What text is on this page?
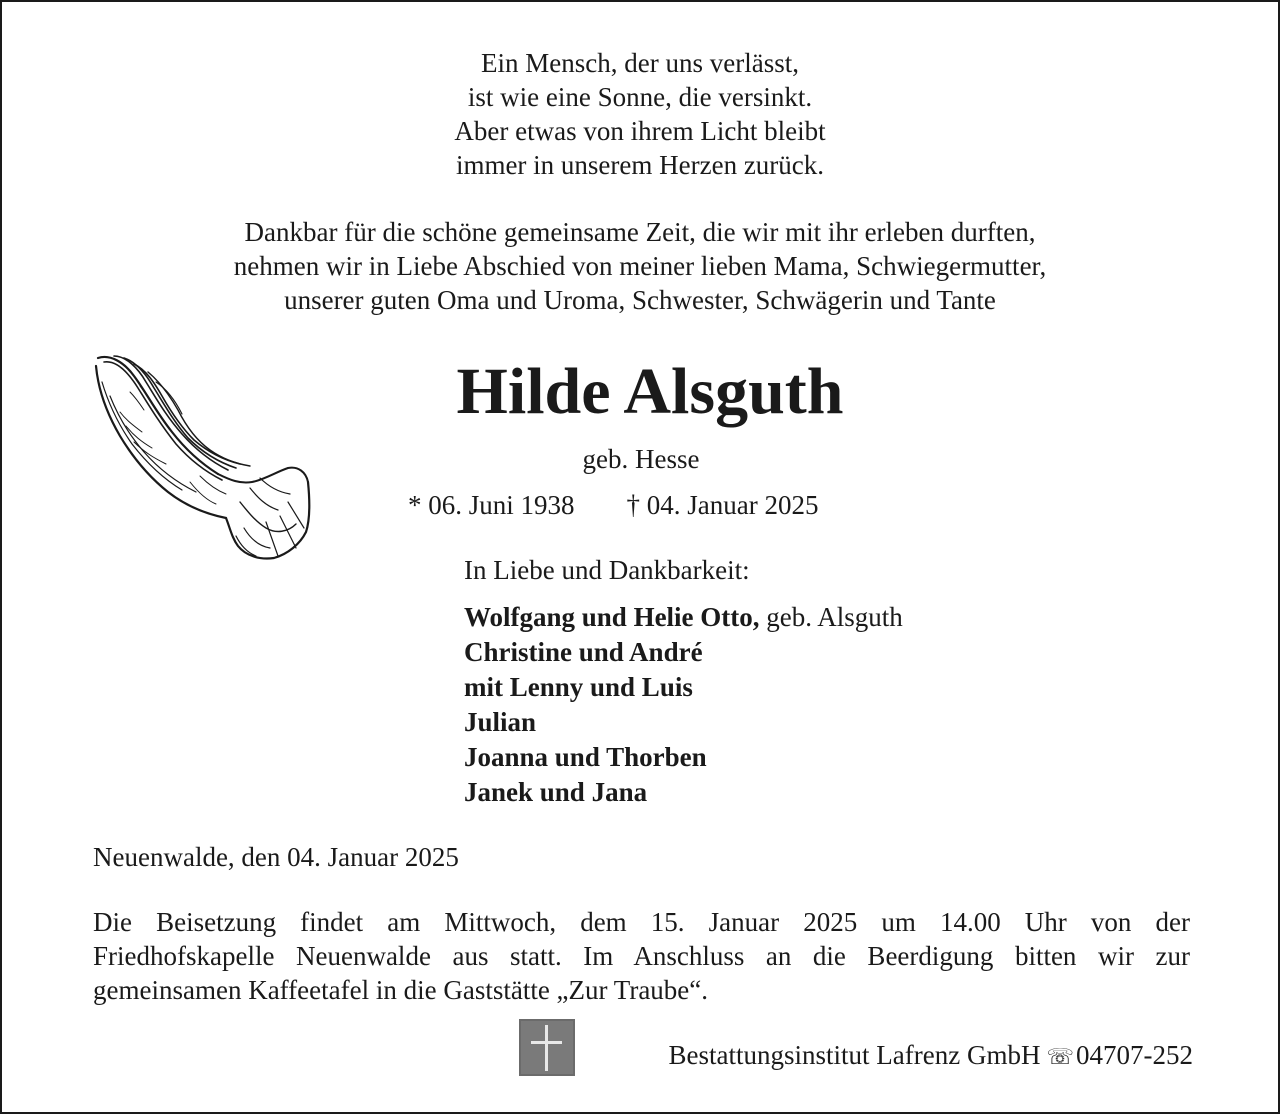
Ein Mensch, der uns verlässt,
ist wie eine Sonne, die versinkt.
Aber etwas von ihrem Licht bleibt
immer in unserem Herzen zurück.
Dankbar für die schöne gemeinsame Zeit, die wir mit ihr erleben durften,
nehmen wir in Liebe Abschied von meiner lieben Mama, Schwiegermutter,
unserer guten Oma und Uroma, Schwester, Schwägerin und Tante
Hilde Alsguth
geb. Hesse
* 06. Juni 1938 † 04. Januar 2025
In Liebe und Dankbarkeit:
Wolfgang und Helie Otto, geb. Alsguth
Christine und André
mit Lenny und Luis
Julian
Joanna und Thorben
Janek und Jana
Neuenwalde, den 04. Januar 2025
Die Beisetzung findet am Mittwoch, dem 15. Januar 2025 um 14.00 Uhr von der
Friedhofskapelle Neuenwalde aus statt. Im Anschluss an die Beerdigung bitten wir zur
gemeinsamen Kaffeetafel in die Gaststätte „Zur Traube“.
Bestattungsinstitut Lafrenz GmbH ☏04707-252
